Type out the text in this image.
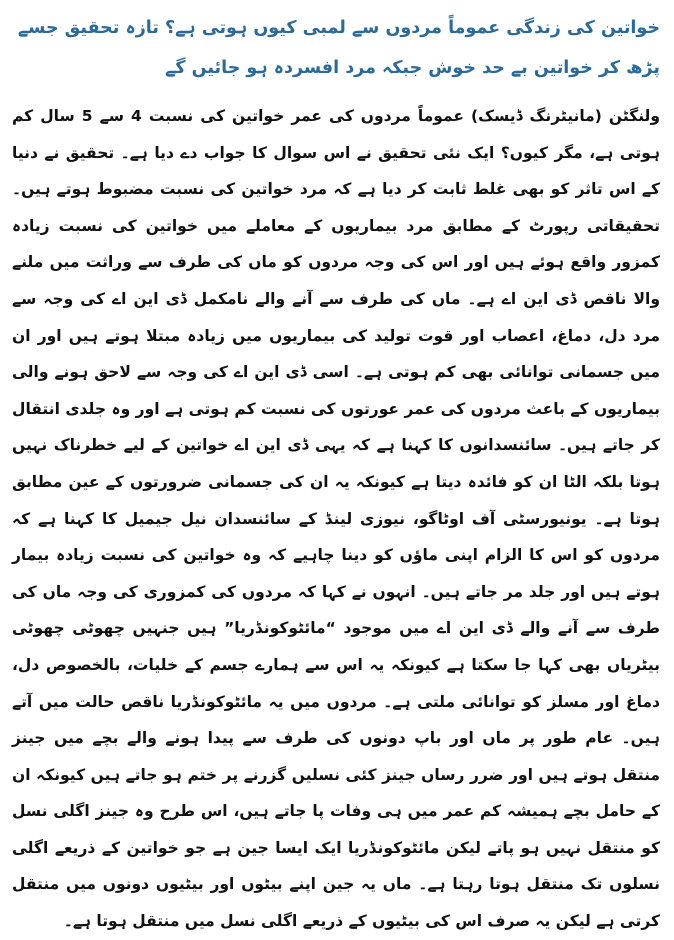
خواتین کی زندگی عموماً مردوں سے لمبی کیوں ہوتی ہے؟ تازہ تحقیق جسے پڑھ کر خواتین بے حد خوش جبکہ مرد افسردہ ہو جائیں گے

ولنگٹن (مانیٹرنگ ڈیسک) عموماً مردوں کی عمر خواتین کی نسبت 4 سے 5 سال کم ہوتی ہے، مگر کیوں؟ ایک نئی تحقیق نے اس سوال کا جواب دے دیا ہے۔ تحقیق نے دنیا کے اس تاثر کو بھی غلط ثابت کر دیا ہے کہ مرد خواتین کی نسبت مضبوط ہوتے ہیں۔ تحقیقاتی رپورٹ کے مطابق مرد بیماریوں کے معاملے میں خواتین کی نسبت زیادہ کمزور واقع ہوئے ہیں اور اس کی وجہ مردوں کو ماں کی طرف سے وراثت میں ملنے والا ناقص ڈی این اے ہے۔ ماں کی طرف سے آنے والے نامکمل ڈی این اے کی وجہ سے مرد دل، دماغ، اعصاب اور قوت تولید کی بیماریوں میں زیادہ مبتلا ہوتے ہیں اور ان میں جسمانی توانائی بھی کم ہوتی ہے۔ اسی ڈی این اے کی وجہ سے لاحق ہونے والی بیماریوں کے باعث مردوں کی عمر عورتوں کی نسبت کم ہوتی ہے اور وہ جلدی انتقال کر جاتے ہیں۔ سائنسدانوں کا کہنا ہے کہ یہی ڈی این اے خواتین کے لیے خطرناک نہیں ہوتا بلکہ الٹا ان کو فائدہ دیتا ہے کیونکہ یہ ان کی جسمانی ضرورتوں کے عین مطابق ہوتا ہے۔ یونیورسٹی آف اوٹاگو، نیوزی لینڈ کے سائنسدان نیل جیمیل کا کہنا ہے کہ مردوں کو اس کا الزام اپنی ماؤں کو دینا چاہیے کہ وہ خواتین کی نسبت زیادہ بیمار ہوتے ہیں اور جلد مر جاتے ہیں۔ انہوں نے کہا کہ مردوں کی کمزوری کی وجہ ماں کی طرف سے آنے والے ڈی این اے میں موجود “مائٹوکونڈریا” ہیں جنہیں چھوٹی چھوٹی بیٹریاں بھی کہا جا سکتا ہے کیونکہ یہ اس سے ہمارے جسم کے خلیات، بالخصوص دل، دماغ اور مسلز کو توانائی ملتی ہے۔ مردوں میں یہ مائٹوکونڈریا ناقص حالت میں آتے ہیں۔ عام طور پر ماں اور باپ دونوں کی طرف سے پیدا ہونے والے بچے میں جینز منتقل ہوتے ہیں اور ضرر رساں جینز کئی نسلیں گزرنے پر ختم ہو جاتے ہیں کیونکہ ان کے حامل بچے ہمیشہ کم عمر میں ہی وفات پا جاتے ہیں، اس طرح وہ جینز اگلی نسل کو منتقل نہیں ہو پاتے لیکن مائٹوکونڈریا ایک ایسا جین ہے جو خواتین کے ذریعے اگلی نسلوں تک منتقل ہوتا رہتا ہے۔ ماں یہ جین اپنے بیٹوں اور بیٹیوں دونوں میں منتقل کرتی ہے لیکن یہ صرف اس کی بیٹیوں کے ذریعے اگلی نسل میں منتقل ہوتا ہے۔
